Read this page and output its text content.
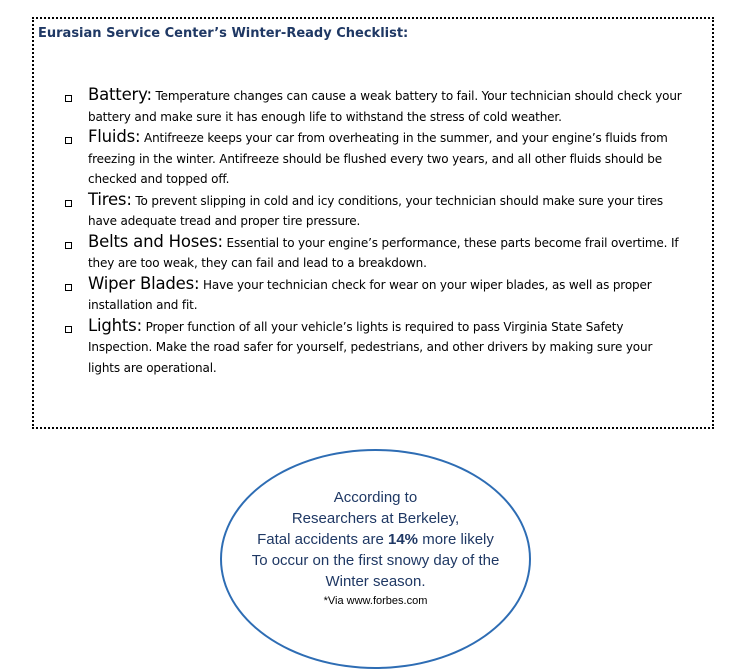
Eurasian Service Center’s Winter-Ready Checklist:
Battery: Temperature changes can cause a weak battery to fail. Your technician should check your battery and make sure it has enough life to withstand the stress of cold weather.
Fluids: Antifreeze keeps your car from overheating in the summer, and your engine’s fluids from freezing in the winter. Antifreeze should be flushed every two years, and all other fluids should be checked and topped off.
Tires: To prevent slipping in cold and icy conditions, your technician should make sure your tires have adequate tread and proper tire pressure.
Belts and Hoses: Essential to your engine’s performance, these parts become frail overtime. If they are too weak, they can fail and lead to a breakdown.
Wiper Blades: Have your technician check for wear on your wiper blades, as well as proper installation and fit.
Lights: Proper function of all your vehicle’s lights is required to pass Virginia State Safety Inspection. Make the road safer for yourself, pedestrians, and other drivers by making sure your lights are operational.
According to
Researchers at Berkeley,
Fatal accidents are 14% more likely
To occur on the first snowy day of the
Winter season.
*Via www.forbes.com
